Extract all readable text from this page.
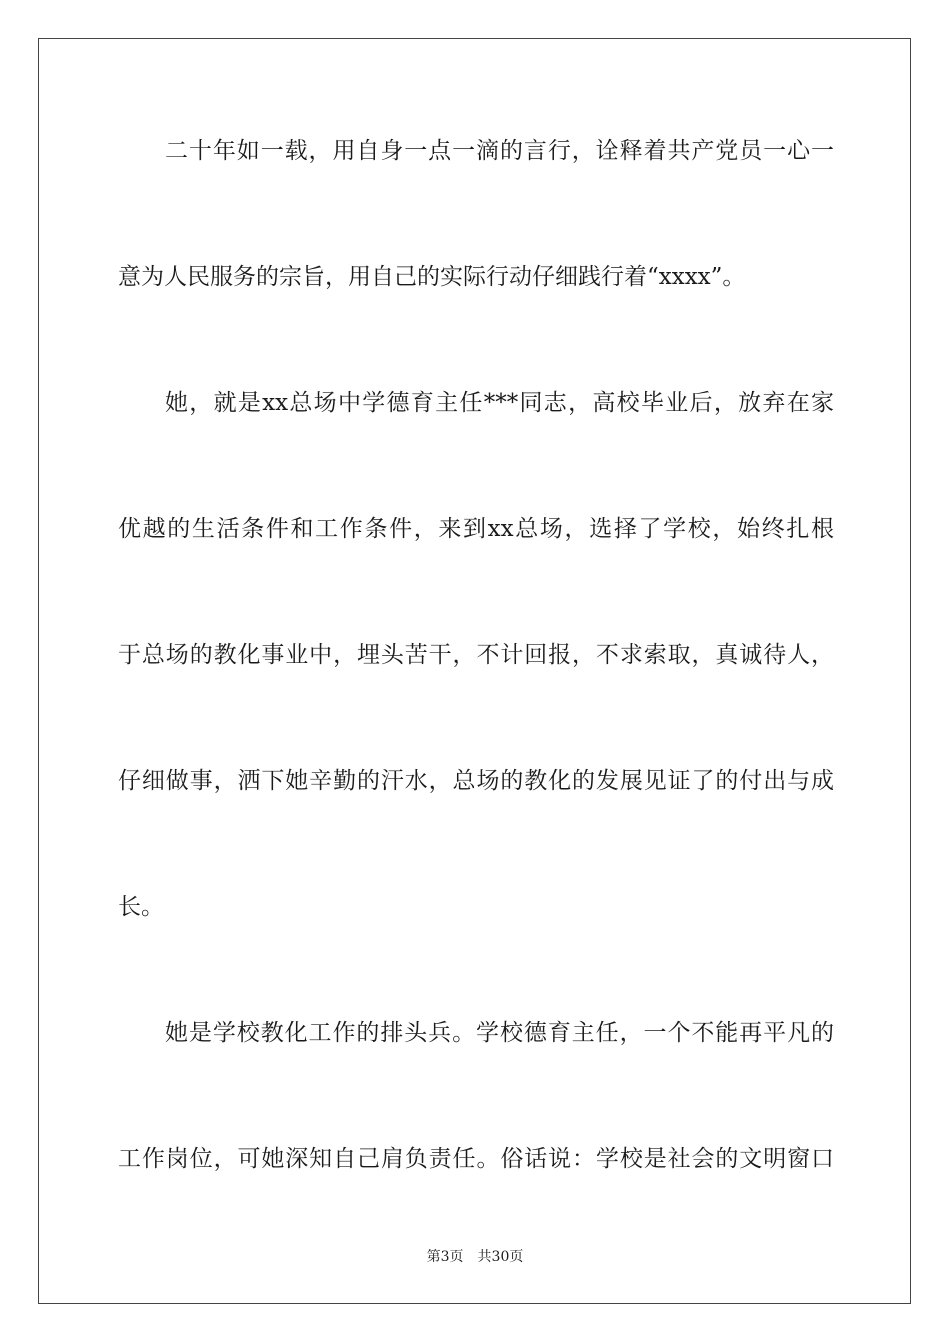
二十年如一载，用自身一点一滴的言行，诠释着共产党员一心一
意为人民服务的宗旨，用自己的实际行动仔细践行着“xxxx”。
她，就是xx总场中学德育主任***同志，高校毕业后，放弃在家
优越的生活条件和工作条件，来到xx总场，选择了学校，始终扎根
于总场的教化事业中，埋头苦干，不计回报，不求索取，真诚待人，
仔细做事，洒下她辛勤的汗水，总场的教化的发展见证了的付出与成
长。
她是学校教化工作的排头兵。学校德育主任，一个不能再平凡的
工作岗位，可她深知自己肩负责任。俗话说：学校是社会的文明窗口
第3页 共30页
